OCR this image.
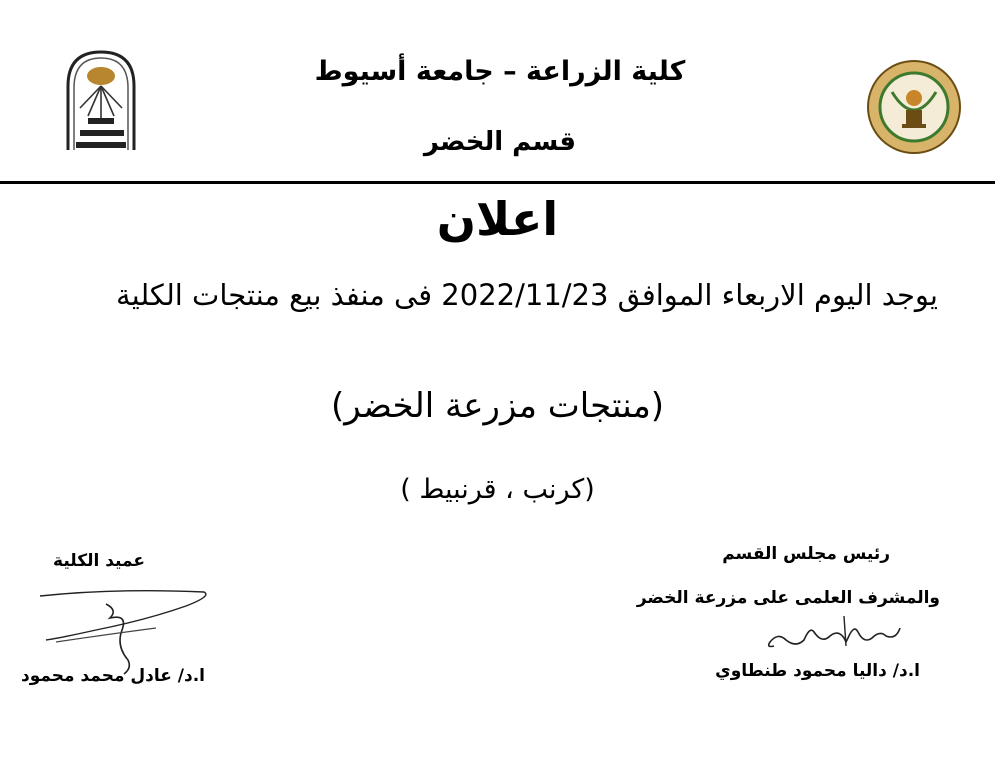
كلية الزراعة – جامعة أسيوط
قسم الخضر
اعلان
يوجد اليوم الاربعاء الموافق 2022/11/23 فى منفذ بيع منتجات الكلية
(منتجات مزرعة الخضر)
(كرنب ، قرنبيط )
رئيس مجلس القسم
والمشرف العلمى على مزرعة الخضر
ا.د/ داليا محمود طنطاوي
عميد الكلية
ا.د/ عادل محمد محمود
